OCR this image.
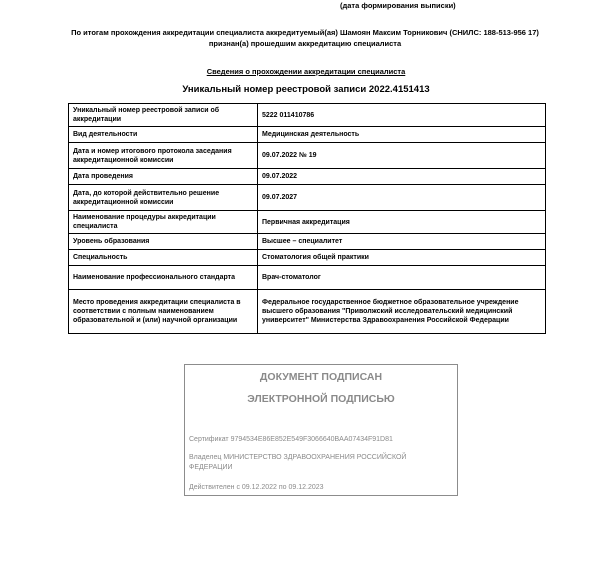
(дата формирования выписки)
По итогам прохождения аккредитации специалиста аккредитуемый(ая) Шамоян Максим Торникович (СНИЛС: 188-513-956 17) признан(а) прошедшим аккредитацию специалиста
Сведения о прохождении аккредитации специалиста
Уникальный номер реестровой записи 2022.4151413
Уникальный номер реестровой записи об аккредитации	5222 011410786
Вид деятельности	Медицинская деятельность
Дата и номер итогового протокола заседания аккредитационной комиссии	09.07.2022 № 19
Дата проведения	09.07.2022
Дата, до которой действительно решение аккредитационной комиссии	09.07.2027
Наименование процедуры аккредитации специалиста	Первичная аккредитация
Уровень образования	Высшее – специалитет
Специальность	Стоматология общей практики
Наименование профессионального стандарта	Врач-стоматолог
Место проведения аккредитации специалиста в соответствии с полным наименованием образовательной и (или) научной организации	Федеральное государственное бюджетное образовательное учреждение высшего образования "Приволжский исследовательский медицинский университет" Министерства Здравоохранения Российской Федерации
ДОКУМЕНТ ПОДПИСАН
ЭЛЕКТРОННОЙ ПОДПИСЬЮ
Сертификат 9794534E86E852E549F3066640BAA07434F91D81
Владелец МИНИСТЕРСТВО ЗДРАВООХРАНЕНИЯ РОССИЙСКОЙ ФЕДЕРАЦИИ
Действителен с 09.12.2022 по 09.12.2023
